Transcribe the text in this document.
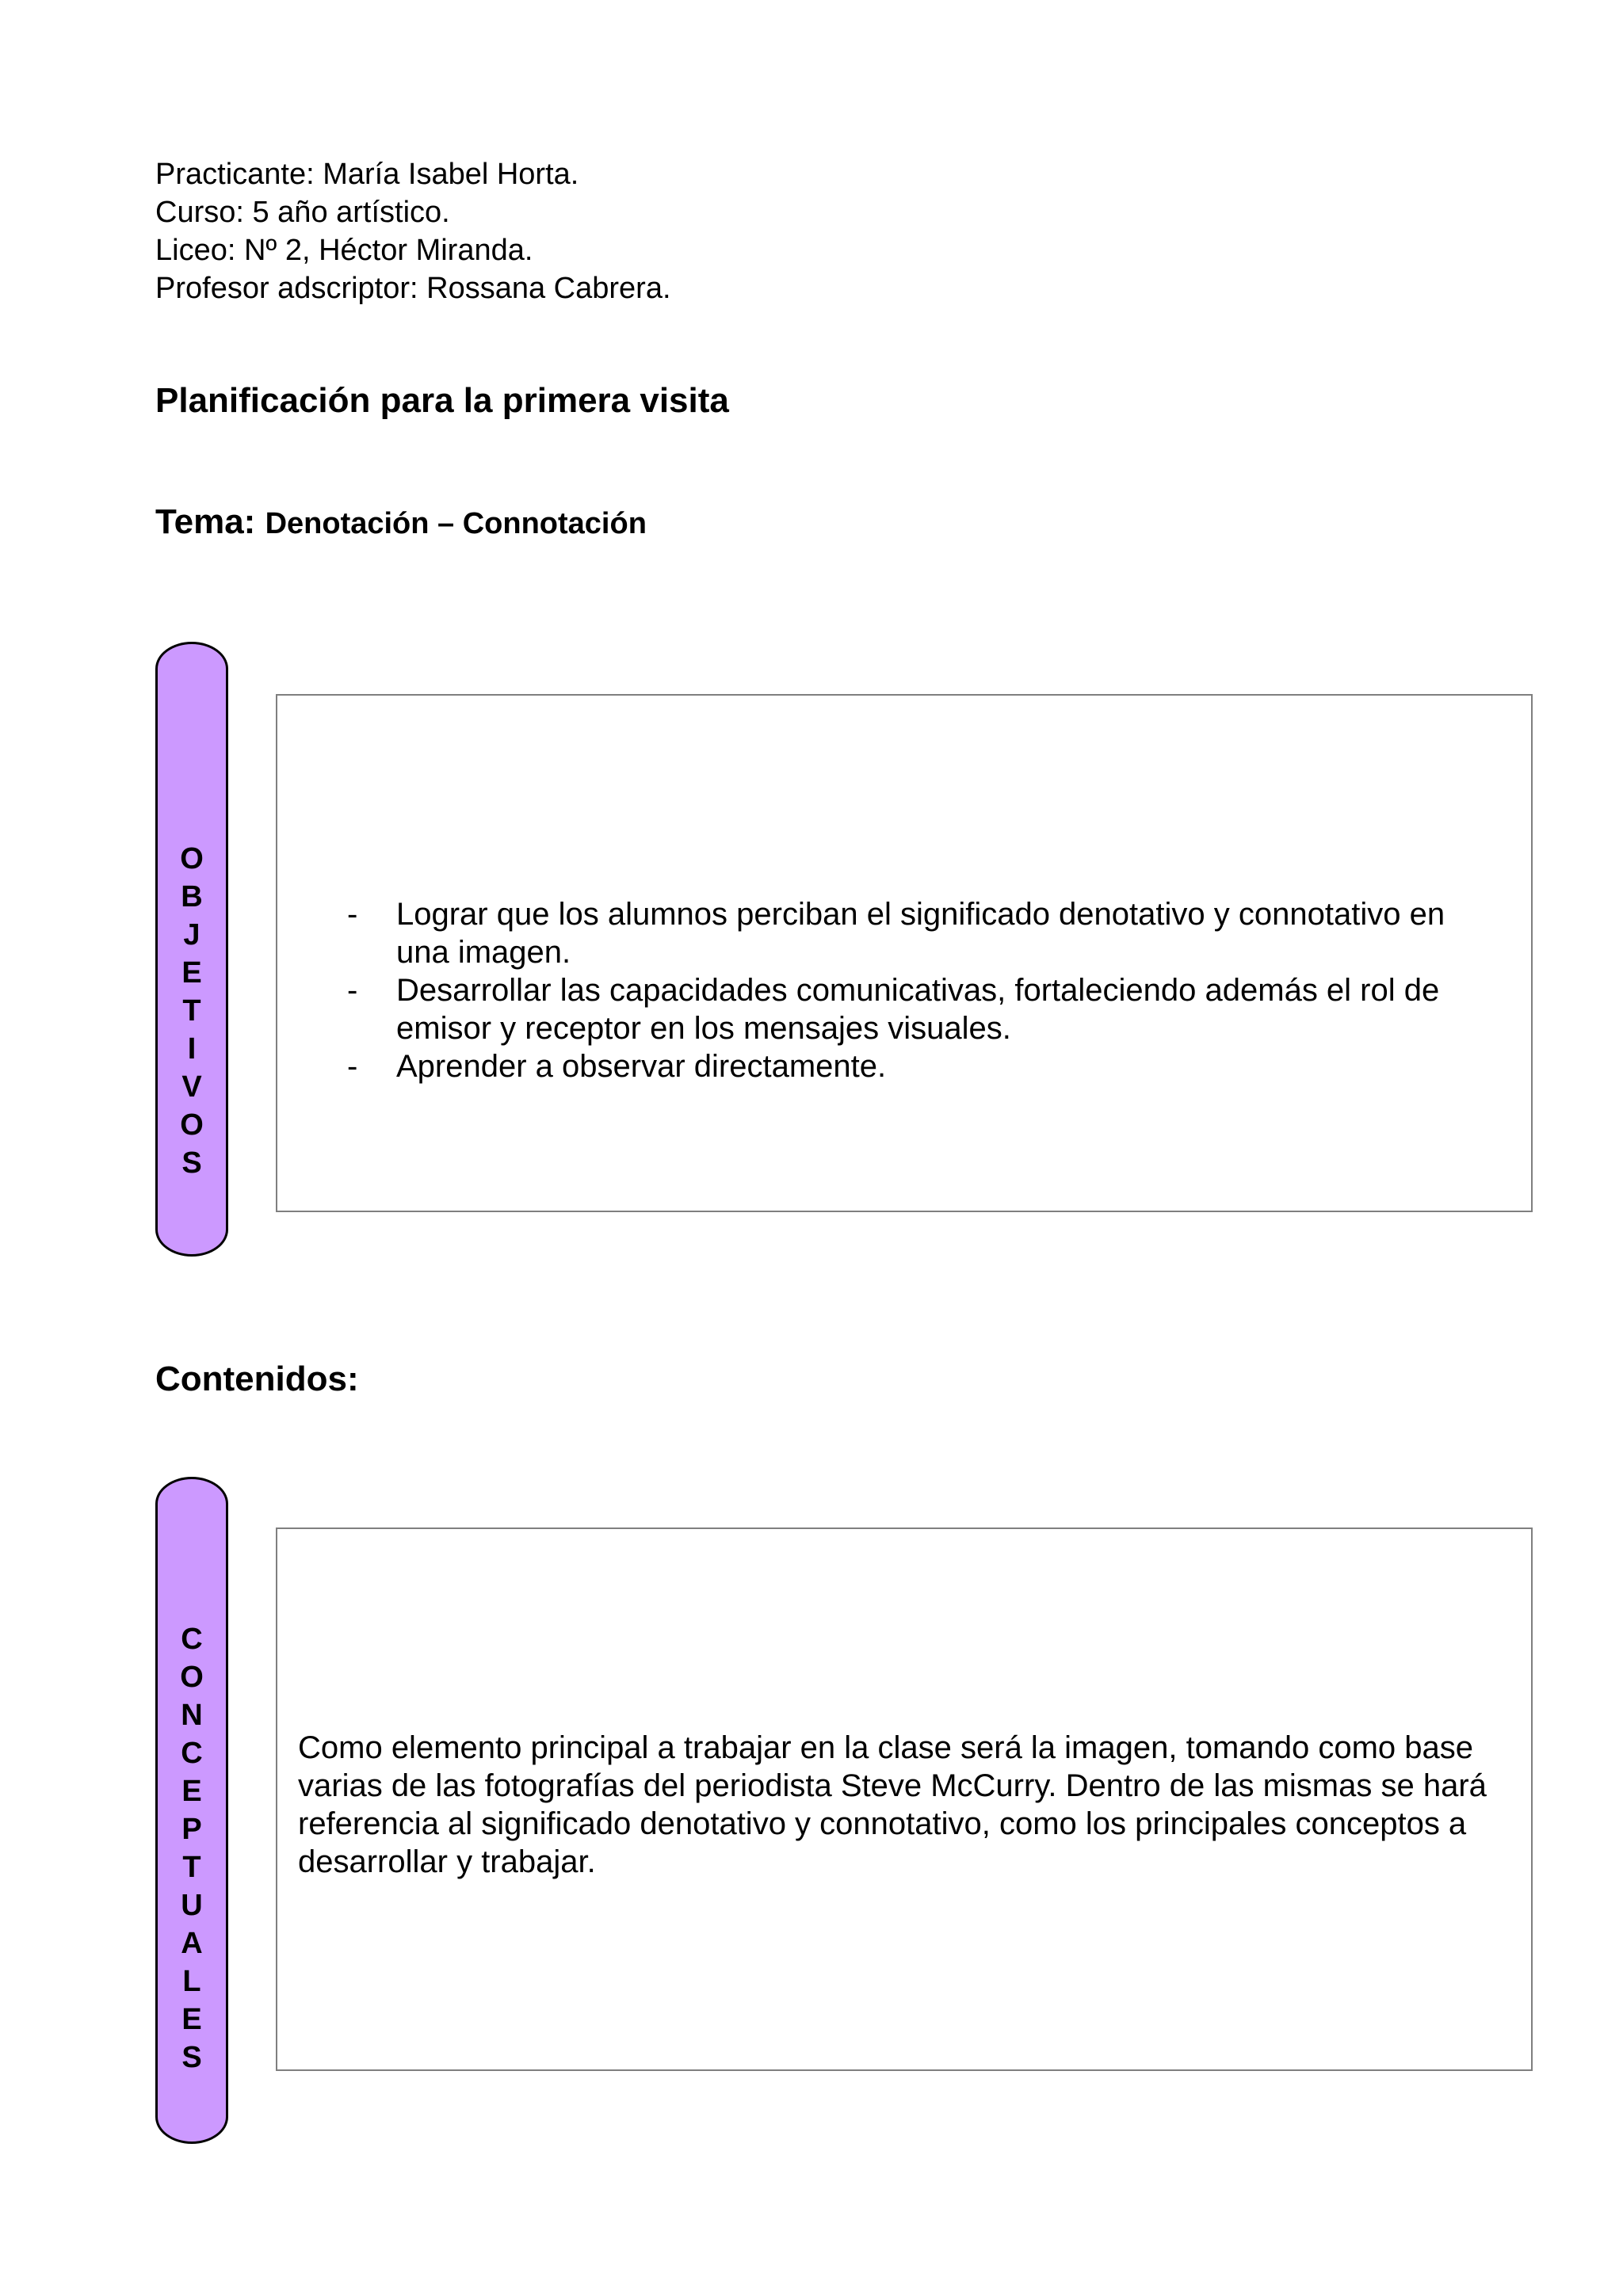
Practicante: María Isabel Horta.
Curso: 5 año artístico.
Liceo: Nº 2, Héctor Miranda.
Profesor adscriptor: Rossana Cabrera.
Planificación para la primera visita
Tema: Denotación – Connotación
O
B
J
E
T
I
V
O
S
- Lograr que los alumnos perciban el significado denotativo y connotativo en una imagen.
- Desarrollar las capacidades comunicativas, fortaleciendo además el rol de emisor y receptor en los mensajes visuales.
- Aprender a observar directamente.
Contenidos:
C
O
N
C
E
P
T
U
A
L
E
S
Como elemento principal a trabajar en la clase será la imagen, tomando como base varias de las fotografías del periodista Steve McCurry. Dentro de las mismas se hará referencia al significado denotativo y connotativo, como los principales conceptos a desarrollar y trabajar.
